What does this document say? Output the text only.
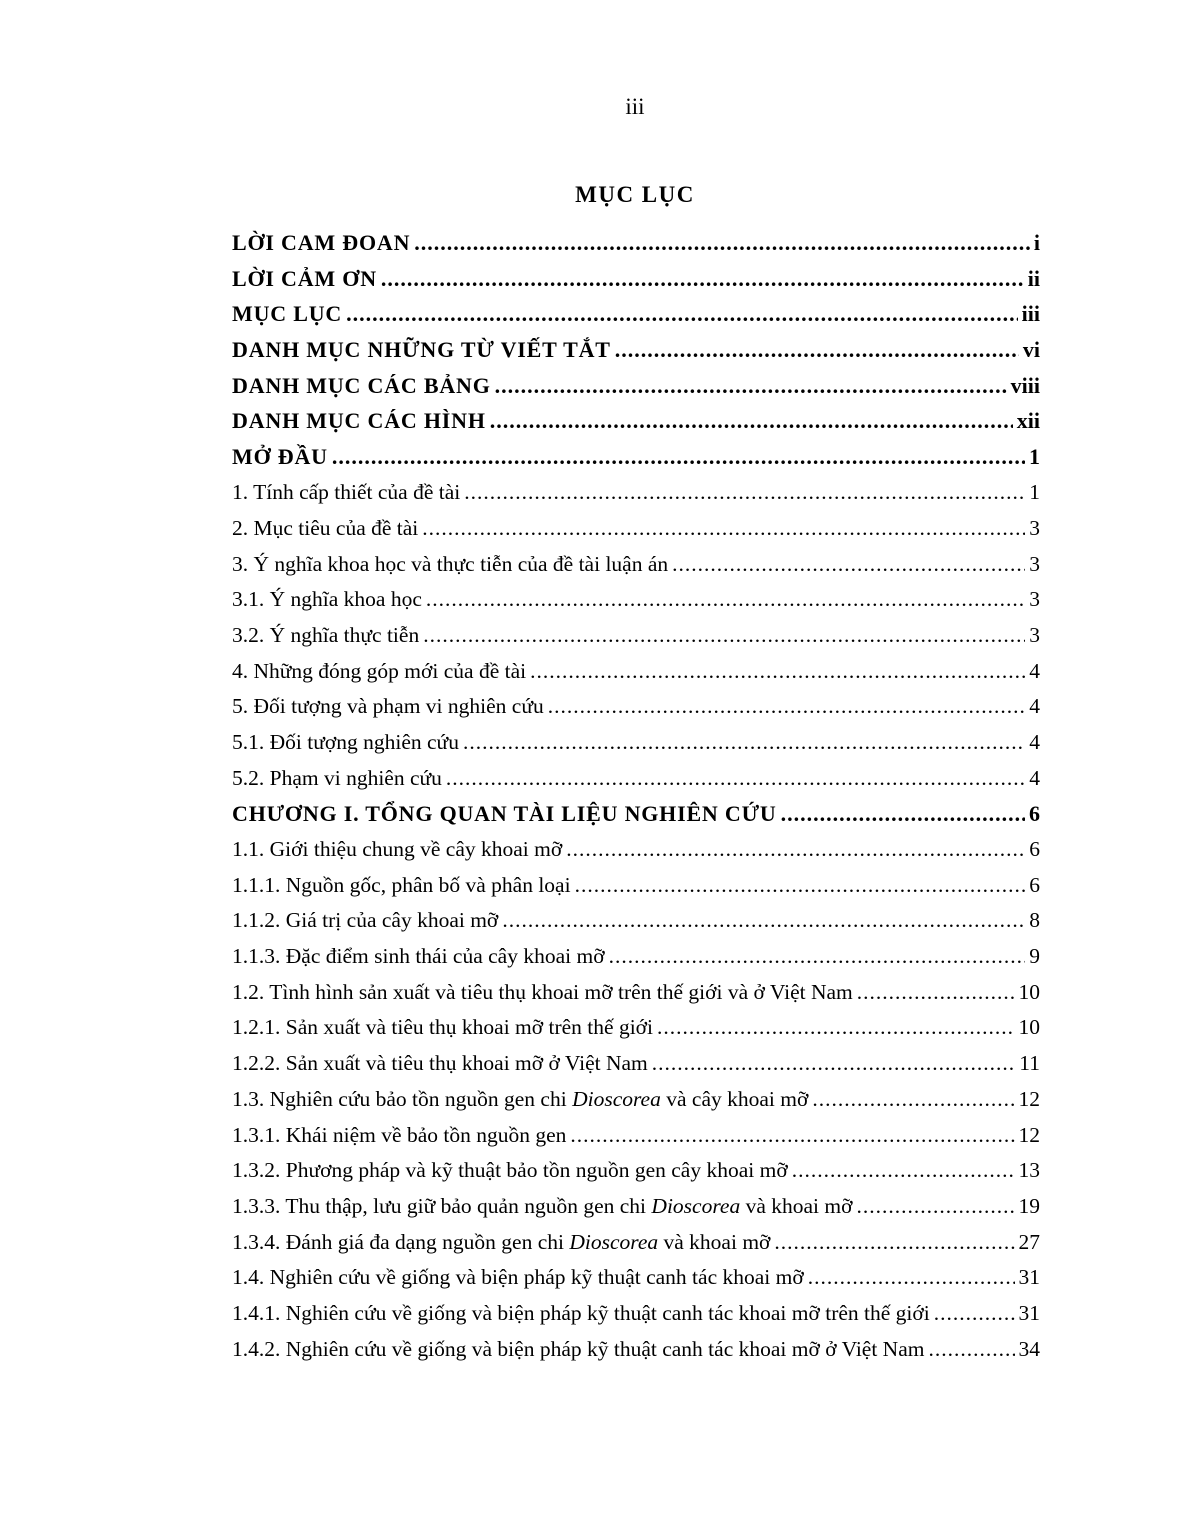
iii
MỤC LỤC
LỜI CAM ĐOAN .....	i
LỜI CẢM ƠN .....	ii
MỤC LỤC .....	iii
DANH MỤC NHỮNG TỪ VIẾT TẮT .....	vi
DANH MỤC CÁC BẢNG .....	viii
DANH MỤC CÁC HÌNH .....	xii
MỞ ĐẦU .....	1
1. Tính cấp thiết của đề tài .....	1
2. Mục tiêu của đề tài .....	3
3. Ý nghĩa khoa học và thực tiễn của đề tài luận án .....	3
3.1. Ý nghĩa khoa học .....	3
3.2. Ý nghĩa thực tiễn .....	3
4. Những đóng góp mới của đề tài .....	4
5. Đối tượng và phạm vi nghiên cứu .....	4
5.1. Đối tượng nghiên cứu .....	4
5.2. Phạm vi nghiên cứu .....	4
CHƯƠNG I. TỔNG QUAN TÀI LIỆU NGHIÊN CỨU .....	6
1.1. Giới thiệu chung về cây khoai mỡ .....	6
1.1.1. Nguồn gốc, phân bố và phân loại .....	6
1.1.2. Giá trị của cây khoai mỡ .....	8
1.1.3. Đặc điểm sinh thái của cây khoai mỡ .....	9
1.2. Tình hình sản xuất và tiêu thụ khoai mỡ trên thế giới và ở Việt Nam .....	10
1.2.1. Sản xuất và tiêu thụ khoai mỡ trên thế giới .....	10
1.2.2. Sản xuất và tiêu thụ khoai mỡ ở Việt Nam .....	11
1.3. Nghiên cứu bảo tồn nguồn gen chi Dioscorea và cây khoai mỡ .....	12
1.3.1. Khái niệm về bảo tồn nguồn gen .....	12
1.3.2. Phương pháp và kỹ thuật bảo tồn nguồn gen cây khoai mỡ .....	13
1.3.3. Thu thập, lưu giữ bảo quản nguồn gen chi Dioscorea và khoai mỡ .....	19
1.3.4. Đánh giá đa dạng nguồn gen chi Dioscorea và khoai mỡ .....	27
1.4. Nghiên cứu về giống và biện pháp kỹ thuật canh tác khoai mỡ .....	31
1.4.1. Nghiên cứu về giống và biện pháp kỹ thuật canh tác khoai mỡ trên thế giới .....	31
1.4.2. Nghiên cứu về giống và biện pháp kỹ thuật canh tác khoai mỡ ở Việt Nam .....	34
